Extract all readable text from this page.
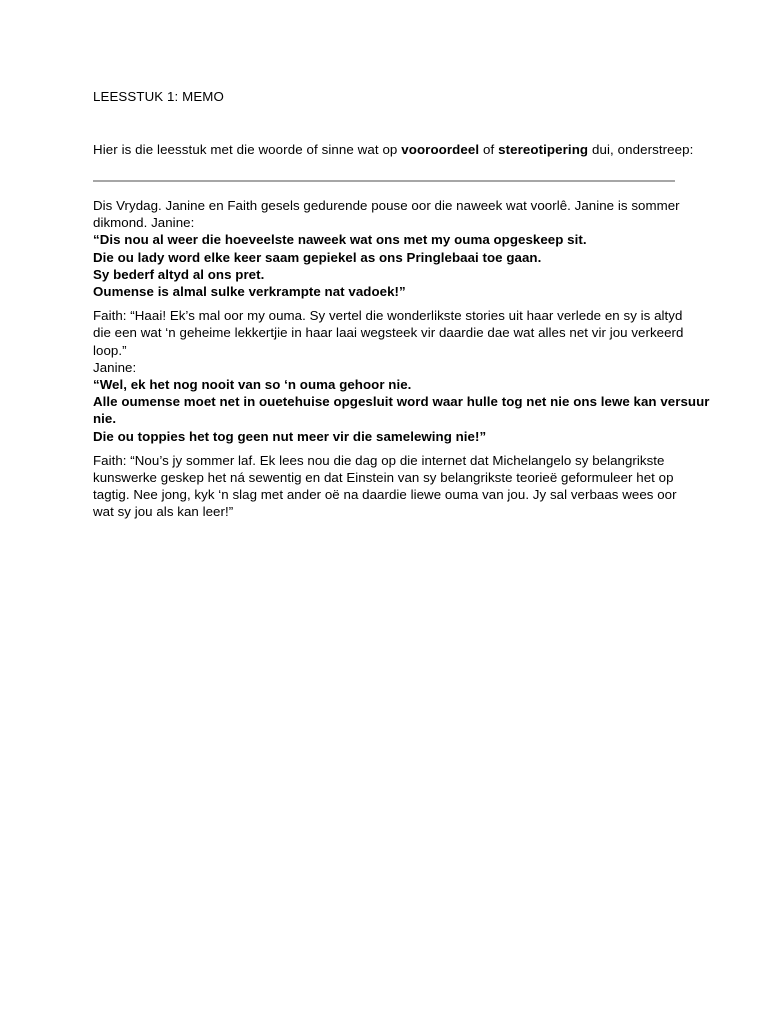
LEESSTUK 1: MEMO
Hier is die leesstuk met die woorde of sinne wat op vooroordeel of stereotipering dui, onderstreep:
Dis Vrydag. Janine en Faith gesels gedurende pouse oor die naweek wat voorlê. Janine is sommer
dikmond. Janine:
“Dis nou al weer die hoeveelste naweek wat ons met my ouma opgeskeep sit.
Die ou lady word elke keer saam gepiekel as ons Pringlebaai toe gaan.
Sy bederf altyd al ons pret.
Oumense is almal sulke verkrampte nat vadoek!”
Faith: “Haai! Ek’s mal oor my ouma. Sy vertel die wonderlikste stories uit haar verlede en sy is altyd
die een wat ‘n geheime lekkertjie in haar laai wegsteek vir daardie dae wat alles net vir jou verkeerd
loop.”
Janine:
“Wel, ek het nog nooit van so ‘n ouma gehoor nie.
Alle oumense moet net in ouetehuise opgesluit word waar hulle tog net nie ons lewe kan versuur
nie.
Die ou toppies het tog geen nut meer vir die samelewing nie!”
Faith: “Nou’s jy sommer laf. Ek lees nou die dag op die internet dat Michelangelo sy belangrikste
kunswerke geskep het ná sewentig en dat Einstein van sy belangrikste teorieë geformuleer het op
tagtig. Nee jong, kyk ‘n slag met ander oë na daardie liewe ouma van jou. Jy sal verbaas wees oor
wat sy jou als kan leer!”
